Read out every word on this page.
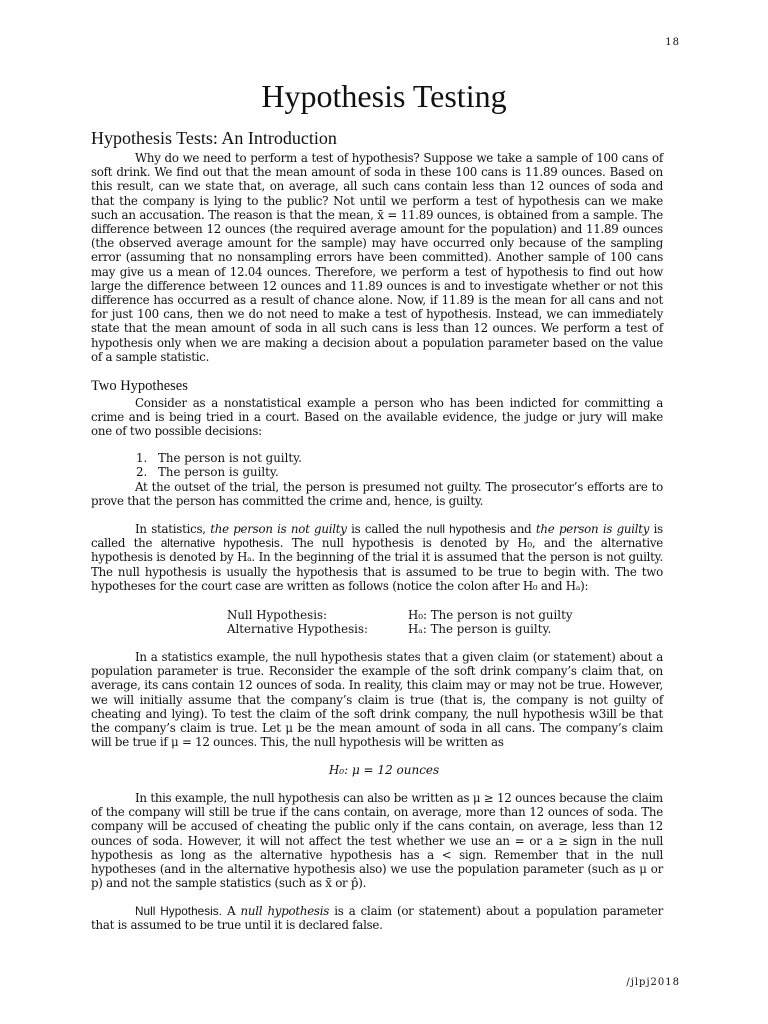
18
Hypothesis Testing
Hypothesis Tests: An Introduction

Why do we need to perform a test of hypothesis? Suppose we take a sample of 100 cans of soft drink. We find out that the mean amount of soda in these 100 cans is 11.89 ounces. Based on this result, can we state that, on average, all such cans contain less than 12 ounces of soda and that the company is lying to the public? Not until we perform a test of hypothesis can we make such an accusation. The reason is that the mean, x̄ = 11.89 ounces, is obtained from a sample. The difference between 12 ounces (the required average amount for the population) and 11.89 ounces (the observed average amount for the sample) may have occurred only because of the sampling error (assuming that no nonsampling errors have been committed). Another sample of 100 cans may give us a mean of 12.04 ounces. Therefore, we perform a test of hypothesis to find out how large the difference between 12 ounces and 11.89 ounces is and to investigate whether or not this difference has occurred as a result of chance alone. Now, if 11.89 is the mean for all cans and not for just 100 cans, then we do not need to make a test of hypothesis. Instead, we can immediately state that the mean amount of soda in all such cans is less than 12 ounces. We perform a test of hypothesis only when we are making a decision about a population parameter based on the value of a sample statistic.

Two Hypotheses

Consider as a nonstatistical example a person who has been indicted for committing a crime and is being tried in a court. Based on the available evidence, the judge or jury will make one of two possible decisions:

1. The person is not guilty.
2. The person is guilty.

At the outset of the trial, the person is presumed not guilty. The prosecutor’s efforts are to prove that the person has committed the crime and, hence, is guilty.

In statistics, the person is not guilty is called the null hypothesis and the person is guilty is called the alternative hypothesis. The null hypothesis is denoted by H₀, and the alternative hypothesis is denoted by Hₐ. In the beginning of the trial it is assumed that the person is not guilty. The null hypothesis is usually the hypothesis that is assumed to be true to begin with. The two hypotheses for the court case are written as follows (notice the colon after H₀ and Hₐ):

Null Hypothesis:	H₀: The person is not guilty
Alternative Hypothesis:	Hₐ: The person is guilty.

In a statistics example, the null hypothesis states that a given claim (or statement) about a population parameter is true. Reconsider the example of the soft drink company’s claim that, on average, its cans contain 12 ounces of soda. In reality, this claim may or may not be true. However, we will initially assume that the company’s claim is true (that is, the company is not guilty of cheating and lying). To test the claim of the soft drink company, the null hypothesis w3ill be that the company’s claim is true. Let μ be the mean amount of soda in all cans. The company’s claim will be true if μ = 12 ounces. This, the null hypothesis will be written as

H₀: μ = 12 ounces

In this example, the null hypothesis can also be written as μ ≥ 12 ounces because the claim of the company will still be true if the cans contain, on average, more than 12 ounces of soda. The company will be accused of cheating the public only if the cans contain, on average, less than 12 ounces of soda. However, it will not affect the test whether we use an = or a ≥ sign in the null hypothesis as long as the alternative hypothesis has a < sign. Remember that in the null hypotheses (and in the alternative hypothesis also) we use the population parameter (such as μ or p) and not the sample statistics (such as x̄ or p̂).

Null Hypothesis. A null hypothesis is a claim (or statement) about a population parameter that is assumed to be true until it is declared false.

/jlpj2018
